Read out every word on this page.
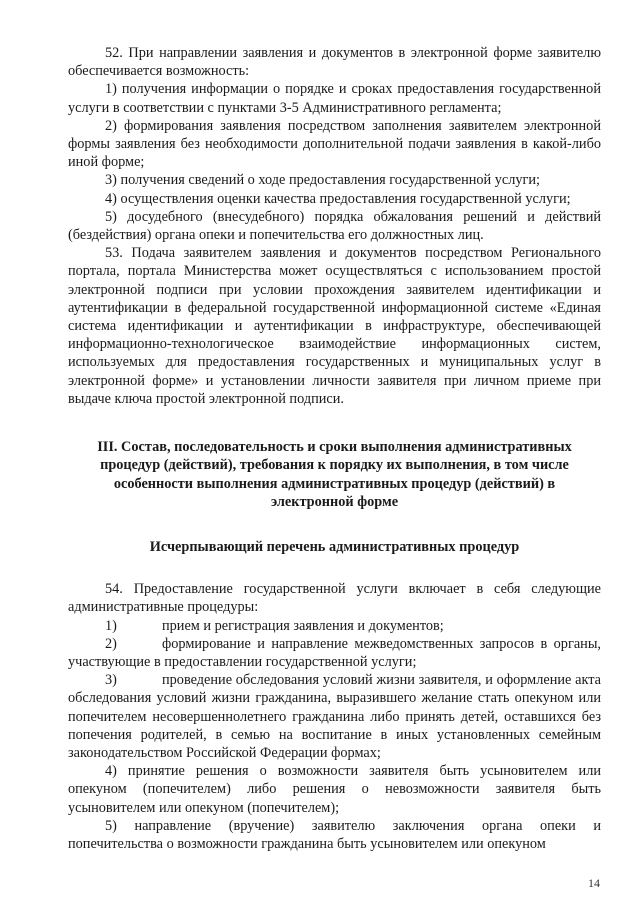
52. При направлении заявления и документов в электронной форме заявителю обеспечивается возможность:

1) получения информации о порядке и сроках предоставления государственной услуги в соответствии с пунктами 3-5 Административного регламента;

2) формирования заявления посредством заполнения заявителем электронной формы заявления без необходимости дополнительной подачи заявления в какой-либо иной форме;

3) получения сведений о ходе предоставления государственной услуги;

4) осуществления оценки качества предоставления государственной услуги;

5) досудебного (внесудебного) порядка обжалования решений и действий (бездействия) органа опеки и попечительства его должностных лиц.

53. Подача заявителем заявления и документов посредством Регионального портала, портала Министерства может осуществляться с использованием простой электронной подписи при условии прохождения заявителем идентификации и аутентификации в федеральной государственной информационной системе «Единая система идентификации и аутентификации в инфраструктуре, обеспечивающей информационно-технологическое взаимодействие информационных систем, используемых для предоставления государственных и муниципальных услуг в электронной форме» и установлении личности заявителя при личном приеме при выдаче ключа простой электронной подписи.

III. Состав, последовательность и сроки выполнения административных процедур (действий), требования к порядку их выполнения, в том числе особенности выполнения административных процедур (действий) в электронной форме

Исчерпывающий перечень административных процедур

54. Предоставление государственной услуги включает в себя следующие административные процедуры:

1)	прием и регистрация заявления и документов;

2)	формирование и направление межведомственных запросов в органы, участвующие в предоставлении государственной услуги;

3)	проведение обследования условий жизни заявителя, и оформление акта обследования условий жизни гражданина, выразившего желание стать опекуном или попечителем несовершеннолетнего гражданина либо принять детей, оставшихся без попечения родителей, в семью на воспитание в иных установленных семейным законодательством Российской Федерации формах;

4) принятие решения о возможности заявителя быть усыновителем или опекуном (попечителем) либо решения о невозможности заявителя быть усыновителем или опекуном (попечителем);

5) направление (вручение) заявителю заключения органа опеки и попечительства о возможности гражданина быть усыновителем или опекуном

14
